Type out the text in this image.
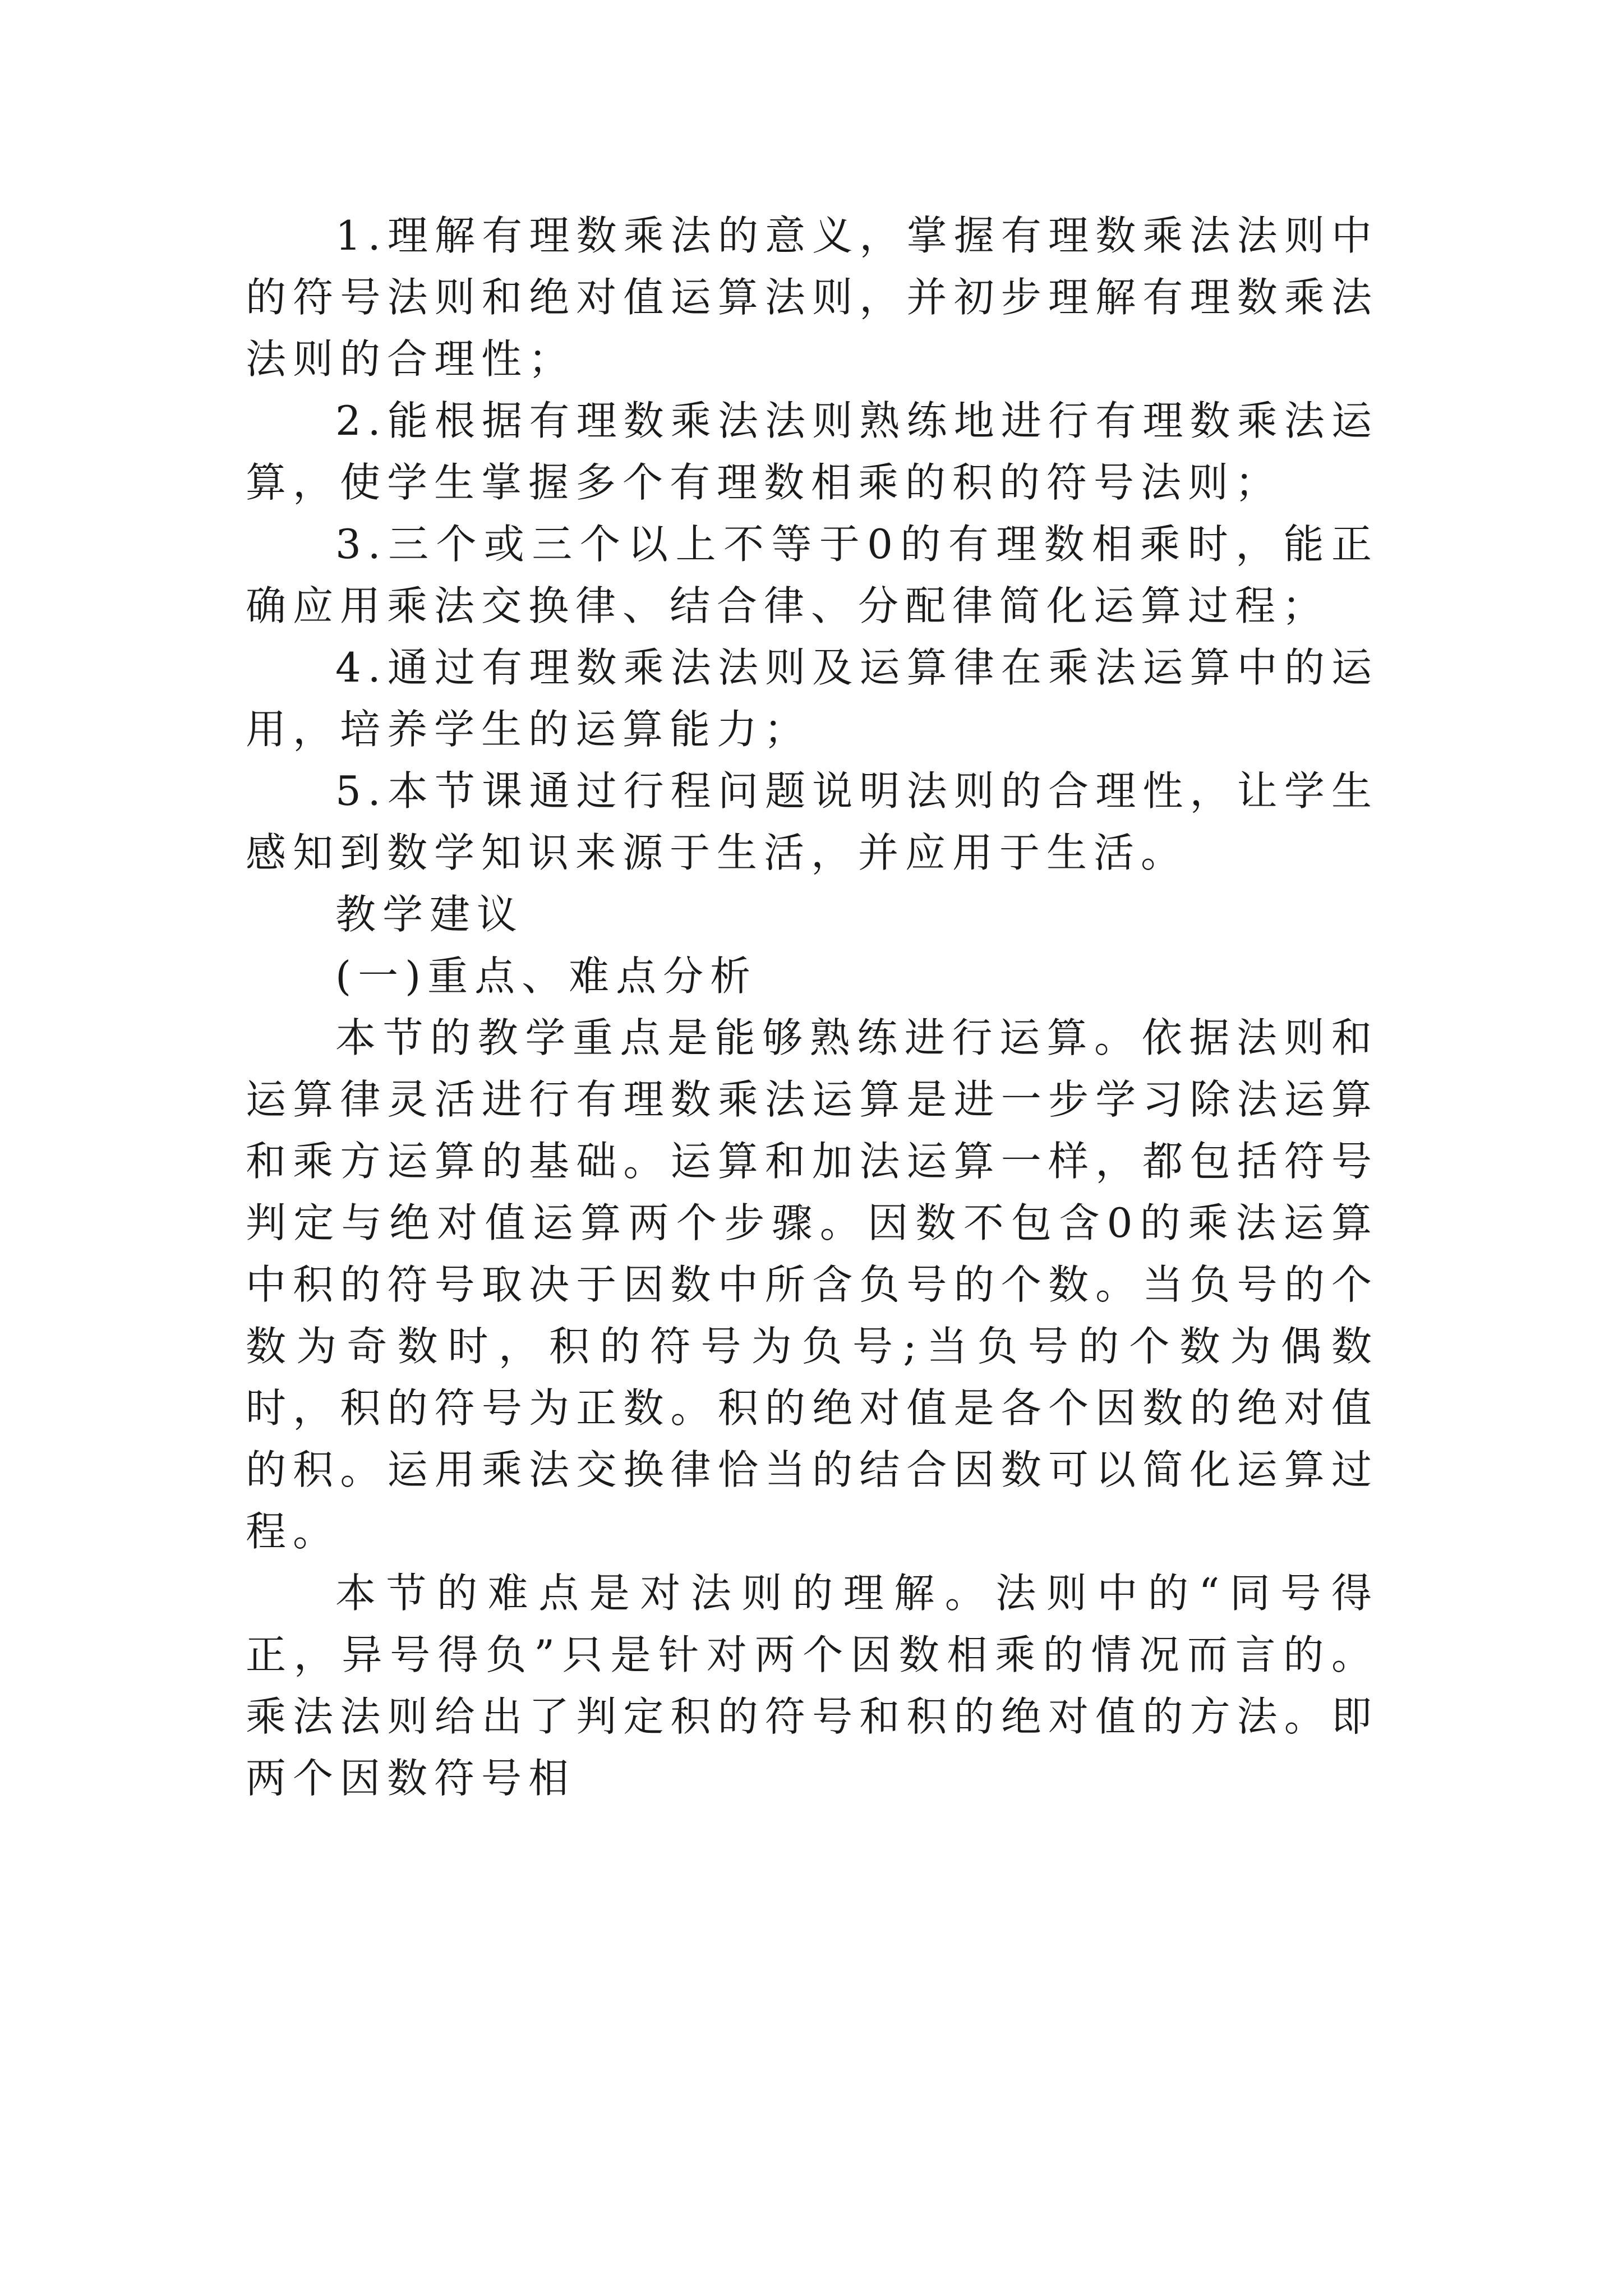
1.理解有理数乘法的意义，掌握有理数乘法法则中的符号法则和绝对值运算法则，并初步理解有理数乘法法则的合理性；

2.能根据有理数乘法法则熟练地进行有理数乘法运算，使学生掌握多个有理数相乘的积的符号法则；

3.三个或三个以上不等于0的有理数相乘时，能正确应用乘法交换律、结合律、分配律简化运算过程；

4.通过有理数乘法法则及运算律在乘法运算中的运用，培养学生的运算能力；

5.本节课通过行程问题说明法则的合理性，让学生感知到数学知识来源于生活，并应用于生活。

教学建议

(一)重点、难点分析

本节的教学重点是能够熟练进行运算。依据法则和运算律灵活进行有理数乘法运算是进一步学习除法运算和乘方运算的基础。运算和加法运算一样，都包括符号判定与绝对值运算两个步骤。因数不包含0的乘法运算中积的符号取决于因数中所含负号的个数。当负号的个数为奇数时，积的符号为负号;当负号的个数为偶数时，积的符号为正数。积的绝对值是各个因数的绝对值的积。运用乘法交换律恰当的结合因数可以简化运算过程。

本节的难点是对法则的理解。法则中的“同号得正，异号得负”只是针对两个因数相乘的情况而言的。乘法法则给出了判定积的符号和积的绝对值的方法。即两个因数符号相
